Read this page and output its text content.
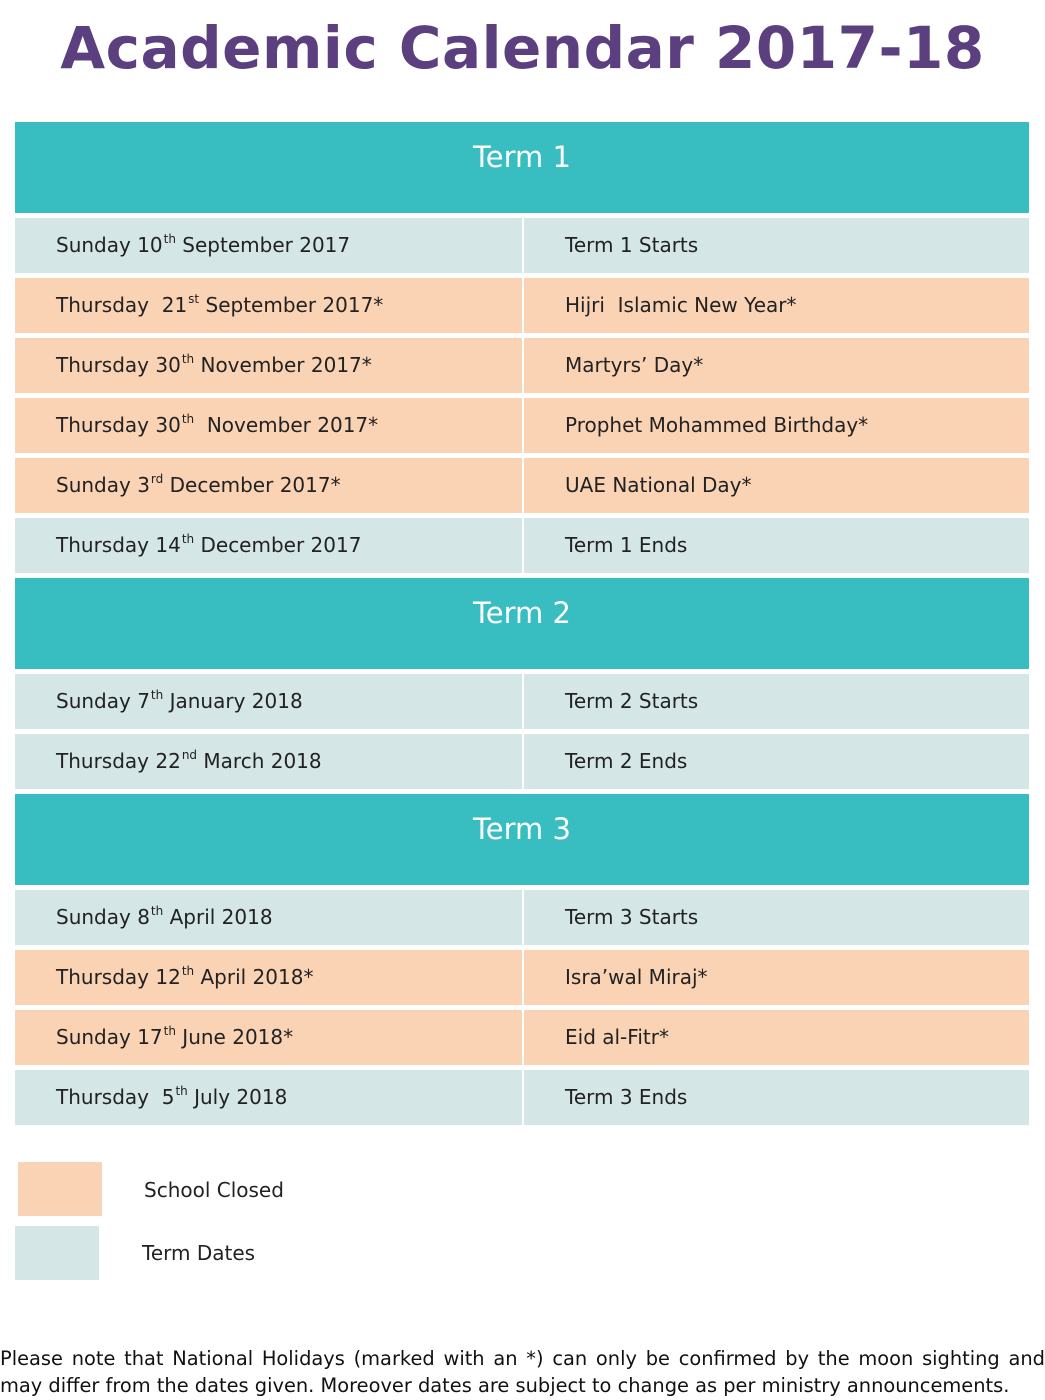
Academic Calendar 2017-18
Term 1
Sunday 10th September 2017	Term 1 Starts
Thursday  21st September 2017*	Hijri  Islamic New Year*
Thursday 30th November 2017*	Martyrs’ Day*
Thursday 30th  November 2017*	Prophet Mohammed Birthday*
Sunday 3rd December 2017*	UAE National Day*
Thursday 14th December 2017	Term 1 Ends
Term 2
Sunday 7th January 2018	Term 2 Starts
Thursday 22nd March 2018	Term 2 Ends
Term 3
Sunday 8th April 2018	Term 3 Starts
Thursday 12th April 2018*	Isra’wal Miraj*
Sunday 17th June 2018*	Eid al-Fitr*
Thursday  5th July 2018	Term 3 Ends
School Closed
Term Dates
Please note that National Holidays (marked with an *) can only be confirmed by the moon sighting and may differ from the dates given. Moreover dates are subject to change as per ministry announcements.
